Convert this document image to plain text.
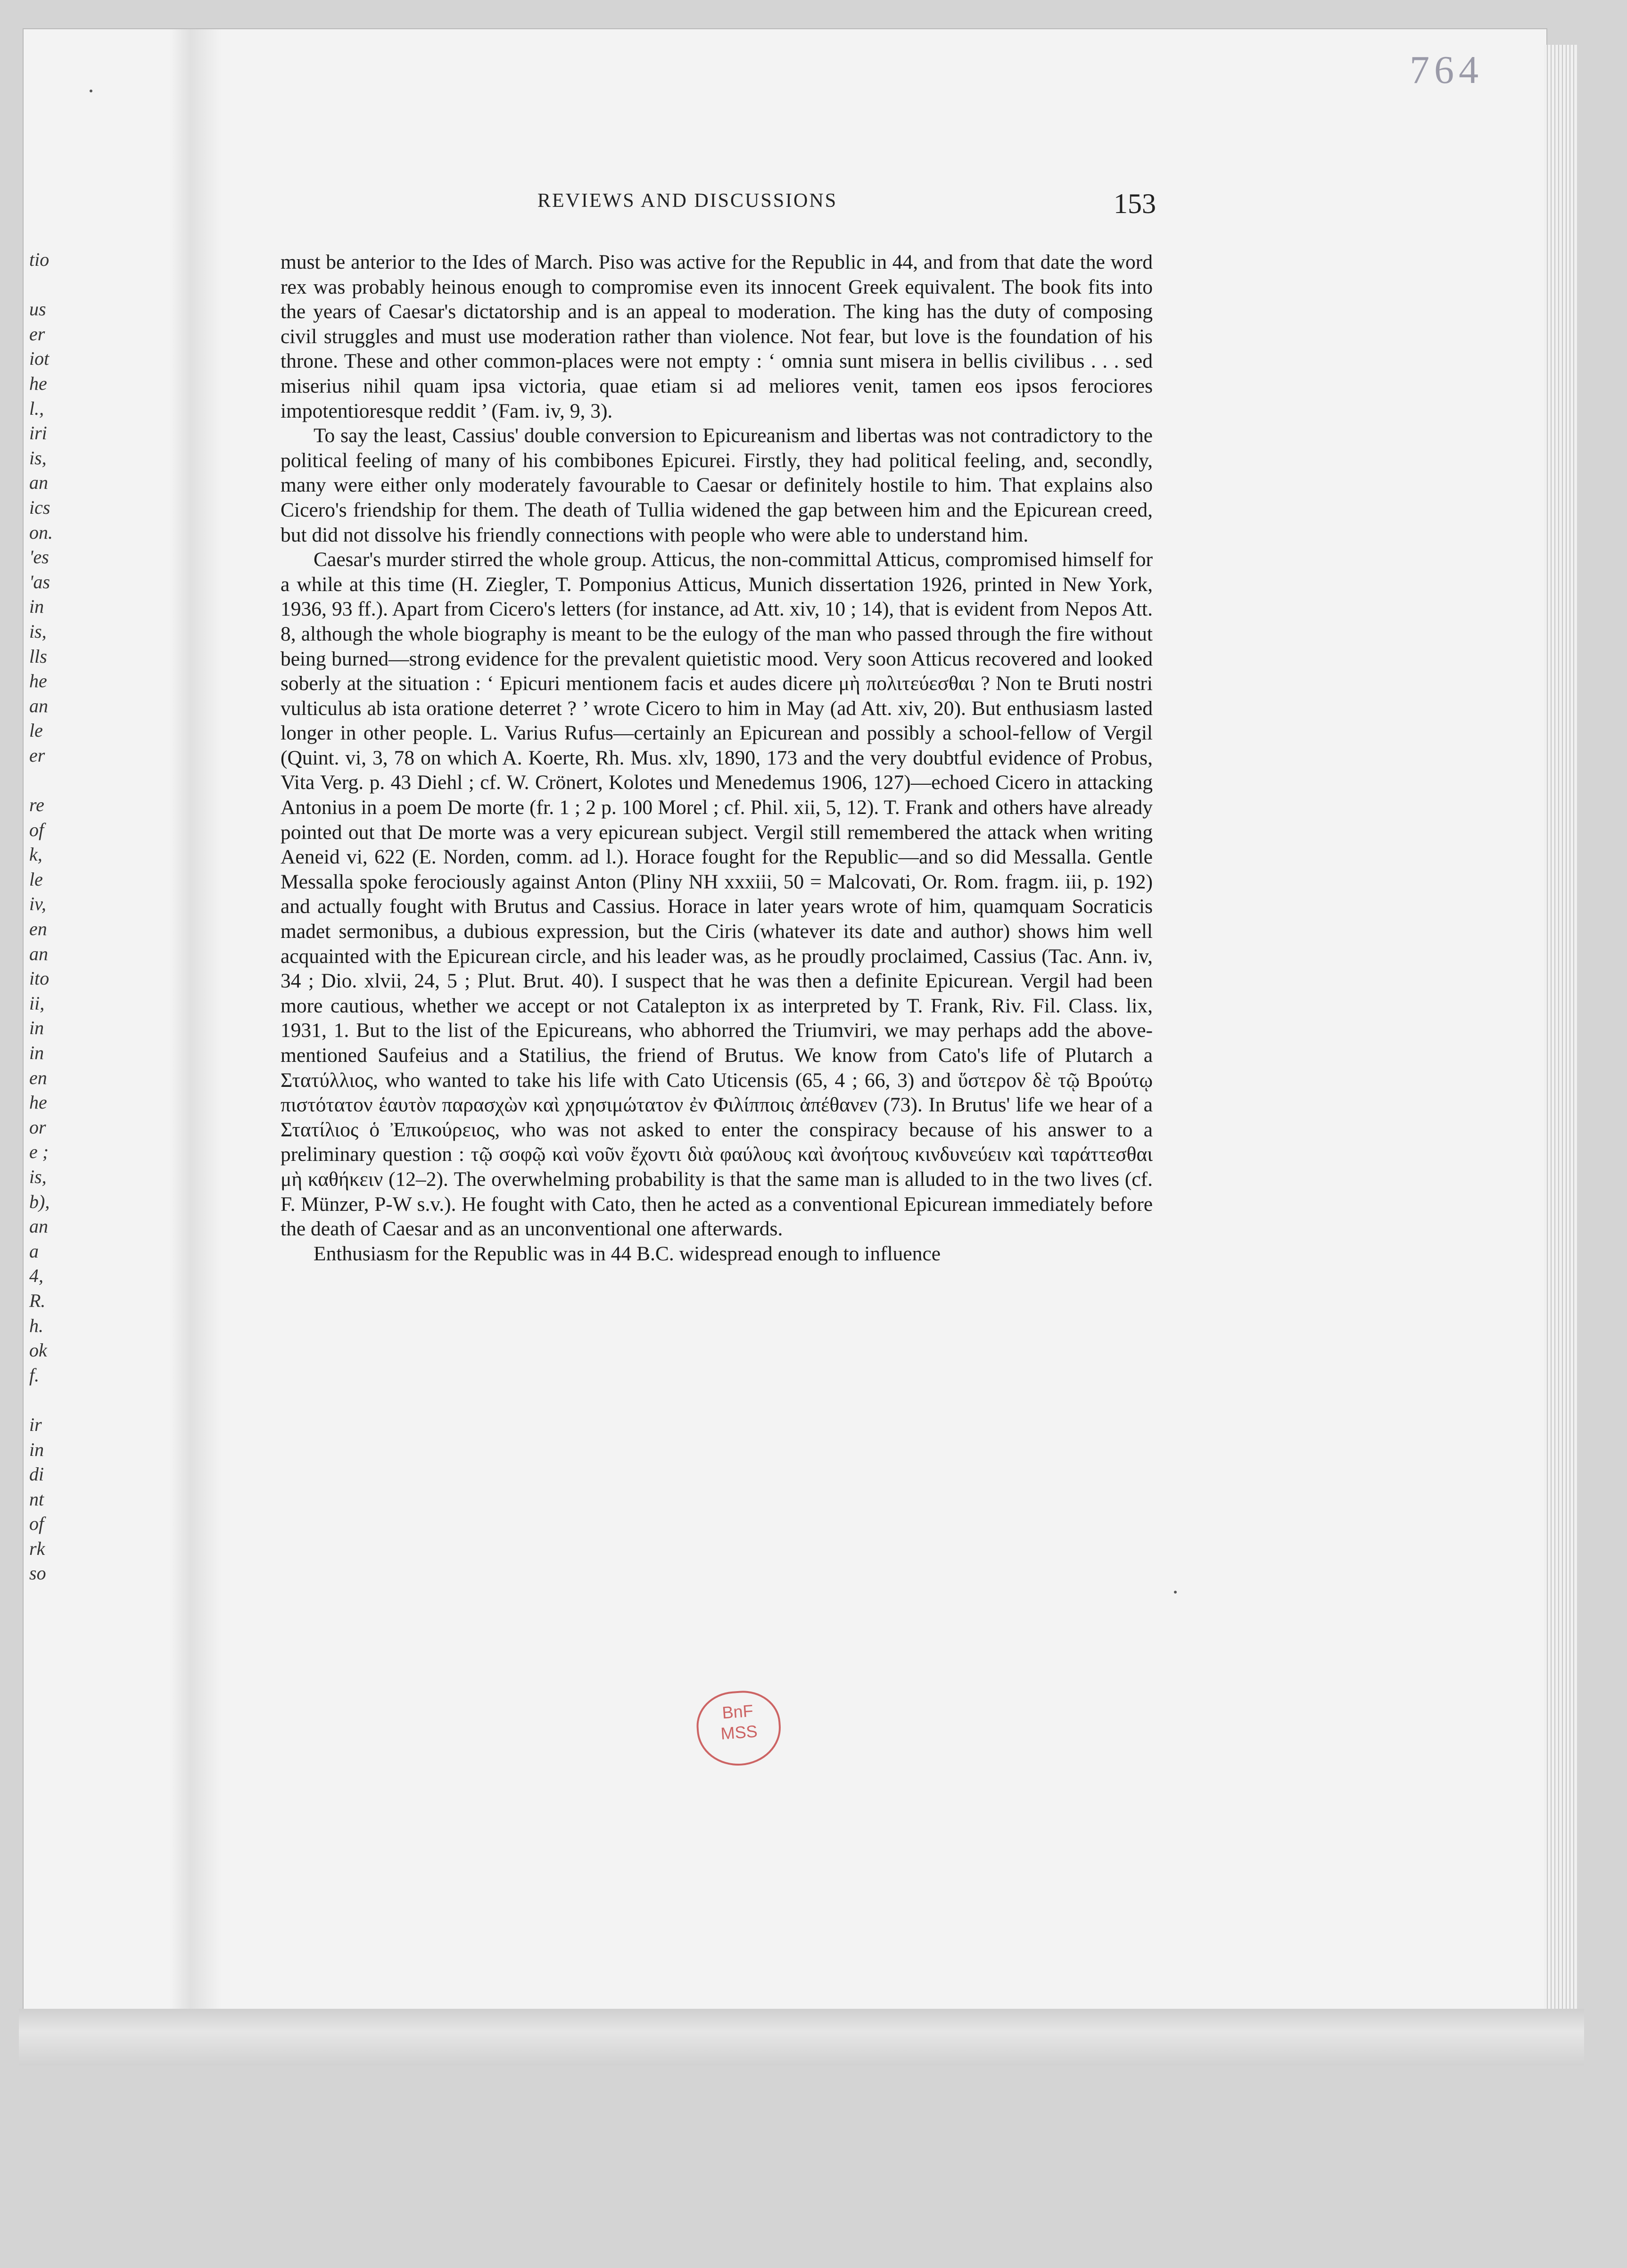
764
REVIEWS AND DISCUSSIONS	153
tio

us
er
iot
he
l.,
iri
is,
an
ics
on.
'es
'as
in
is,
lls
he
an
le
er

re
of
k,
le
iv,
en
an
ito
ii,
in
in
en
he
or
e ;
is,
b),
an
a
4,
R.
h.
ok
f.

ir
in
di
nt
of
rk
so

must be anterior to the Ides of March. Piso was active for the Republic in 44, and from that date the word rex was probably heinous enough to compromise even its innocent Greek equivalent. The book fits into the years of Caesar's dictatorship and is an appeal to moderation. The king has the duty of composing civil struggles and must use moderation rather than violence. Not fear, but love is the foundation of his throne. These and other common-places were not empty : ‘ omnia sunt misera in bellis civilibus . . . sed miserius nihil quam ipsa victoria, quae etiam si ad meliores venit, tamen eos ipsos ferociores impotentioresque reddit ’ (Fam. iv, 9, 3).

To say the least, Cassius' double conversion to Epicureanism and libertas was not contradictory to the political feeling of many of his combibones Epicurei. Firstly, they had political feeling, and, secondly, many were either only moderately favourable to Caesar or definitely hostile to him. That explains also Cicero's friendship for them. The death of Tullia widened the gap between him and the Epicurean creed, but did not dissolve his friendly connections with people who were able to understand him.

Caesar's murder stirred the whole group. Atticus, the non-committal Atticus, compromised himself for a while at this time (H. Ziegler, T. Pomponius Atticus, Munich dissertation 1926, printed in New York, 1936, 93 ff.). Apart from Cicero's letters (for instance, ad Att. xiv, 10 ; 14), that is evident from Nepos Att. 8, although the whole biography is meant to be the eulogy of the man who passed through the fire without being burned—strong evidence for the prevalent quietistic mood. Very soon Atticus recovered and looked soberly at the situation : ‘ Epicuri mentionem facis et audes dicere μὴ πολιτεύεσθαι ? Non te Bruti nostri vulticulus ab ista oratione deterret ? ’ wrote Cicero to him in May (ad Att. xiv, 20). But enthusiasm lasted longer in other people. L. Varius Rufus—certainly an Epicurean and possibly a school-fellow of Vergil (Quint. vi, 3, 78 on which A. Koerte, Rh. Mus. xlv, 1890, 173 and the very doubtful evidence of Probus, Vita Verg. p. 43 Diehl ; cf. W. Crönert, Kolotes und Menedemus 1906, 127)—echoed Cicero in attacking Antonius in a poem De morte (fr. 1 ; 2 p. 100 Morel ; cf. Phil. xii, 5, 12). T. Frank and others have already pointed out that De morte was a very epicurean subject. Vergil still remembered the attack when writing Aeneid vi, 622 (E. Norden, comm. ad l.). Horace fought for the Republic—and so did Messalla. Gentle Messalla spoke ferociously against Anton (Pliny NH xxxiii, 50 = Malcovati, Or. Rom. fragm. iii, p. 192) and actually fought with Brutus and Cassius. Horace in later years wrote of him, quamquam Socraticis madet sermonibus, a dubious expression, but the Ciris (whatever its date and author) shows him well acquainted with the Epicurean circle, and his leader was, as he proudly proclaimed, Cassius (Tac. Ann. iv, 34 ; Dio. xlvii, 24, 5 ; Plut. Brut. 40). I suspect that he was then a definite Epicurean. Vergil had been more cautious, whether we accept or not Catalepton ix as interpreted by T. Frank, Riv. Fil. Class. lix, 1931, 1. But to the list of the Epicureans, who abhorred the Triumviri, we may perhaps add the above-mentioned Saufeius and a Statilius, the friend of Brutus. We know from Cato's life of Plutarch a Στατύλλιος, who wanted to take his life with Cato Uticensis (65, 4 ; 66, 3) and ὕστερον δὲ τῷ Βρούτῳ πιστότατον ἑαυτὸν παρασχὼν καὶ χρησιμώτατον ἐν Φιλίπποις ἀπέθανεν (73). In Brutus' life we hear of a Στατίλιος ὁ Ἐπικούρειος, who was not asked to enter the conspiracy because of his answer to a preliminary question : τῷ σοφῷ καὶ νοῦν ἔχοντι διὰ φαύλους καὶ ἀνοήτους κινδυνεύειν καὶ ταράττεσθαι μὴ καθήκειν (12–2). The overwhelming probability is that the same man is alluded to in the two lives (cf. F. Münzer, P-W s.v.). He fought with Cato, then he acted as a conventional Epicurean immediately before the death of Caesar and as an unconventional one afterwards.

Enthusiasm for the Republic was in 44 B.C. widespread enough to influence

BnF
MSS
